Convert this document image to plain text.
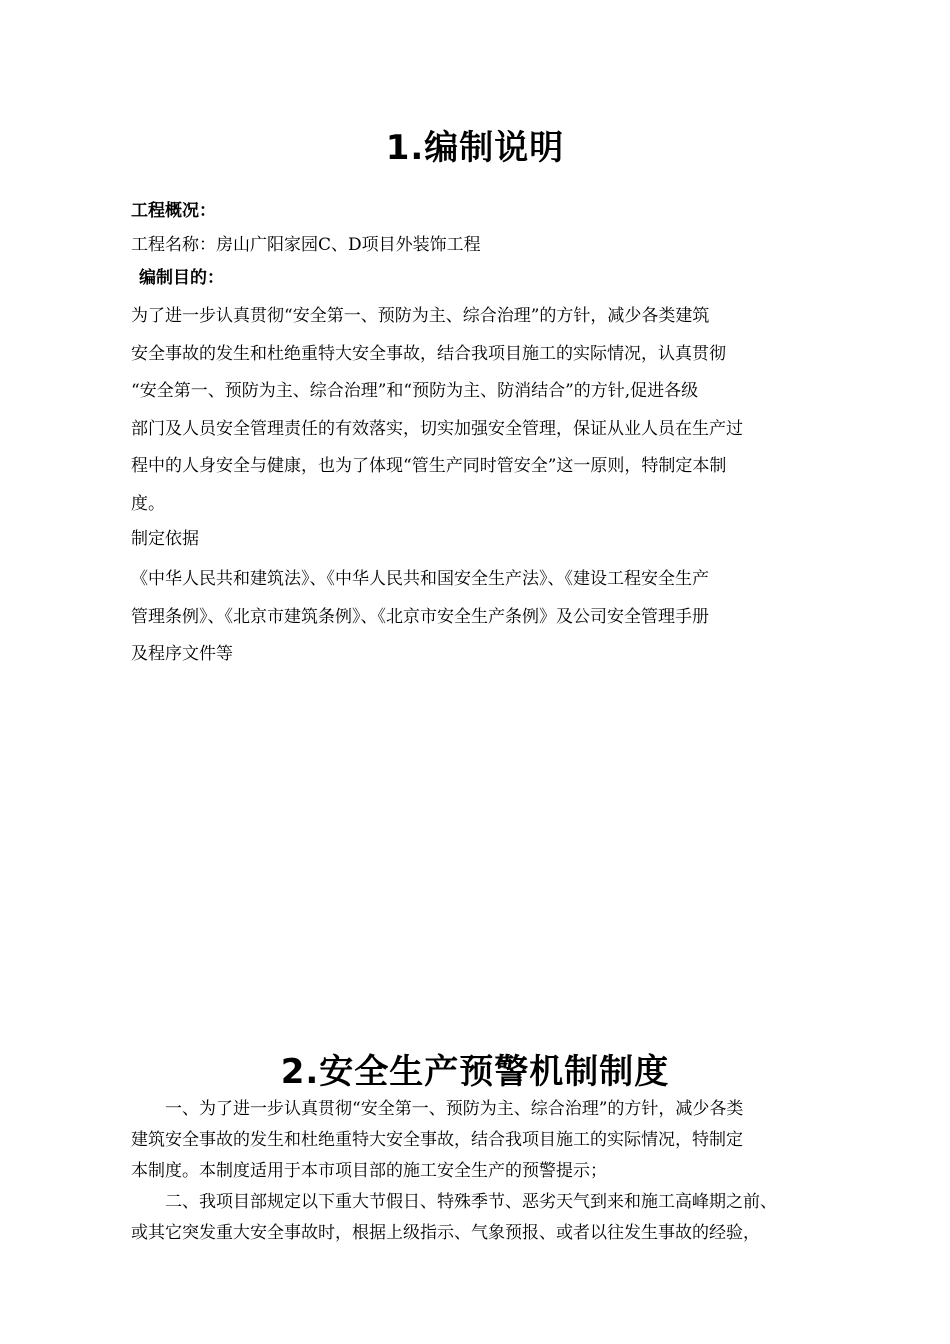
1.编制说明
工程概况：
工程名称：房山广阳家园C、D项目外装饰工程
编制目的：
为了进一步认真贯彻“安全第一、预防为主、综合治理”的方针，减少各类建筑
安全事故的发生和杜绝重特大安全事故，结合我项目施工的实际情况，认真贯彻
“安全第一、预防为主、综合治理”和“预防为主、防消结合”的方针,促进各级
部门及人员安全管理责任的有效落实，切实加强安全管理，保证从业人员在生产过
程中的人身安全与健康，也为了体现“管生产同时管安全”这一原则，特制定本制
度。
制定依据
《中华人民共和建筑法》、《中华人民共和国安全生产法》、《建设工程安全生产
管理条例》、《北京市建筑条例》、《北京市安全生产条例》及公司安全管理手册
及程序文件等
2.安全生产预警机制制度
　　一、为了进一步认真贯彻“安全第一、预防为主、综合治理”的方针，减少各类
建筑安全事故的发生和杜绝重特大安全事故，结合我项目施工的实际情况，特制定
本制度。本制度适用于本市项目部的施工安全生产的预警提示；
　　二、我项目部规定以下重大节假日、特殊季节、恶劣天气到来和施工高峰期之前、
或其它突发重大安全事故时，根据上级指示、气象预报、或者以往发生事故的经验，
